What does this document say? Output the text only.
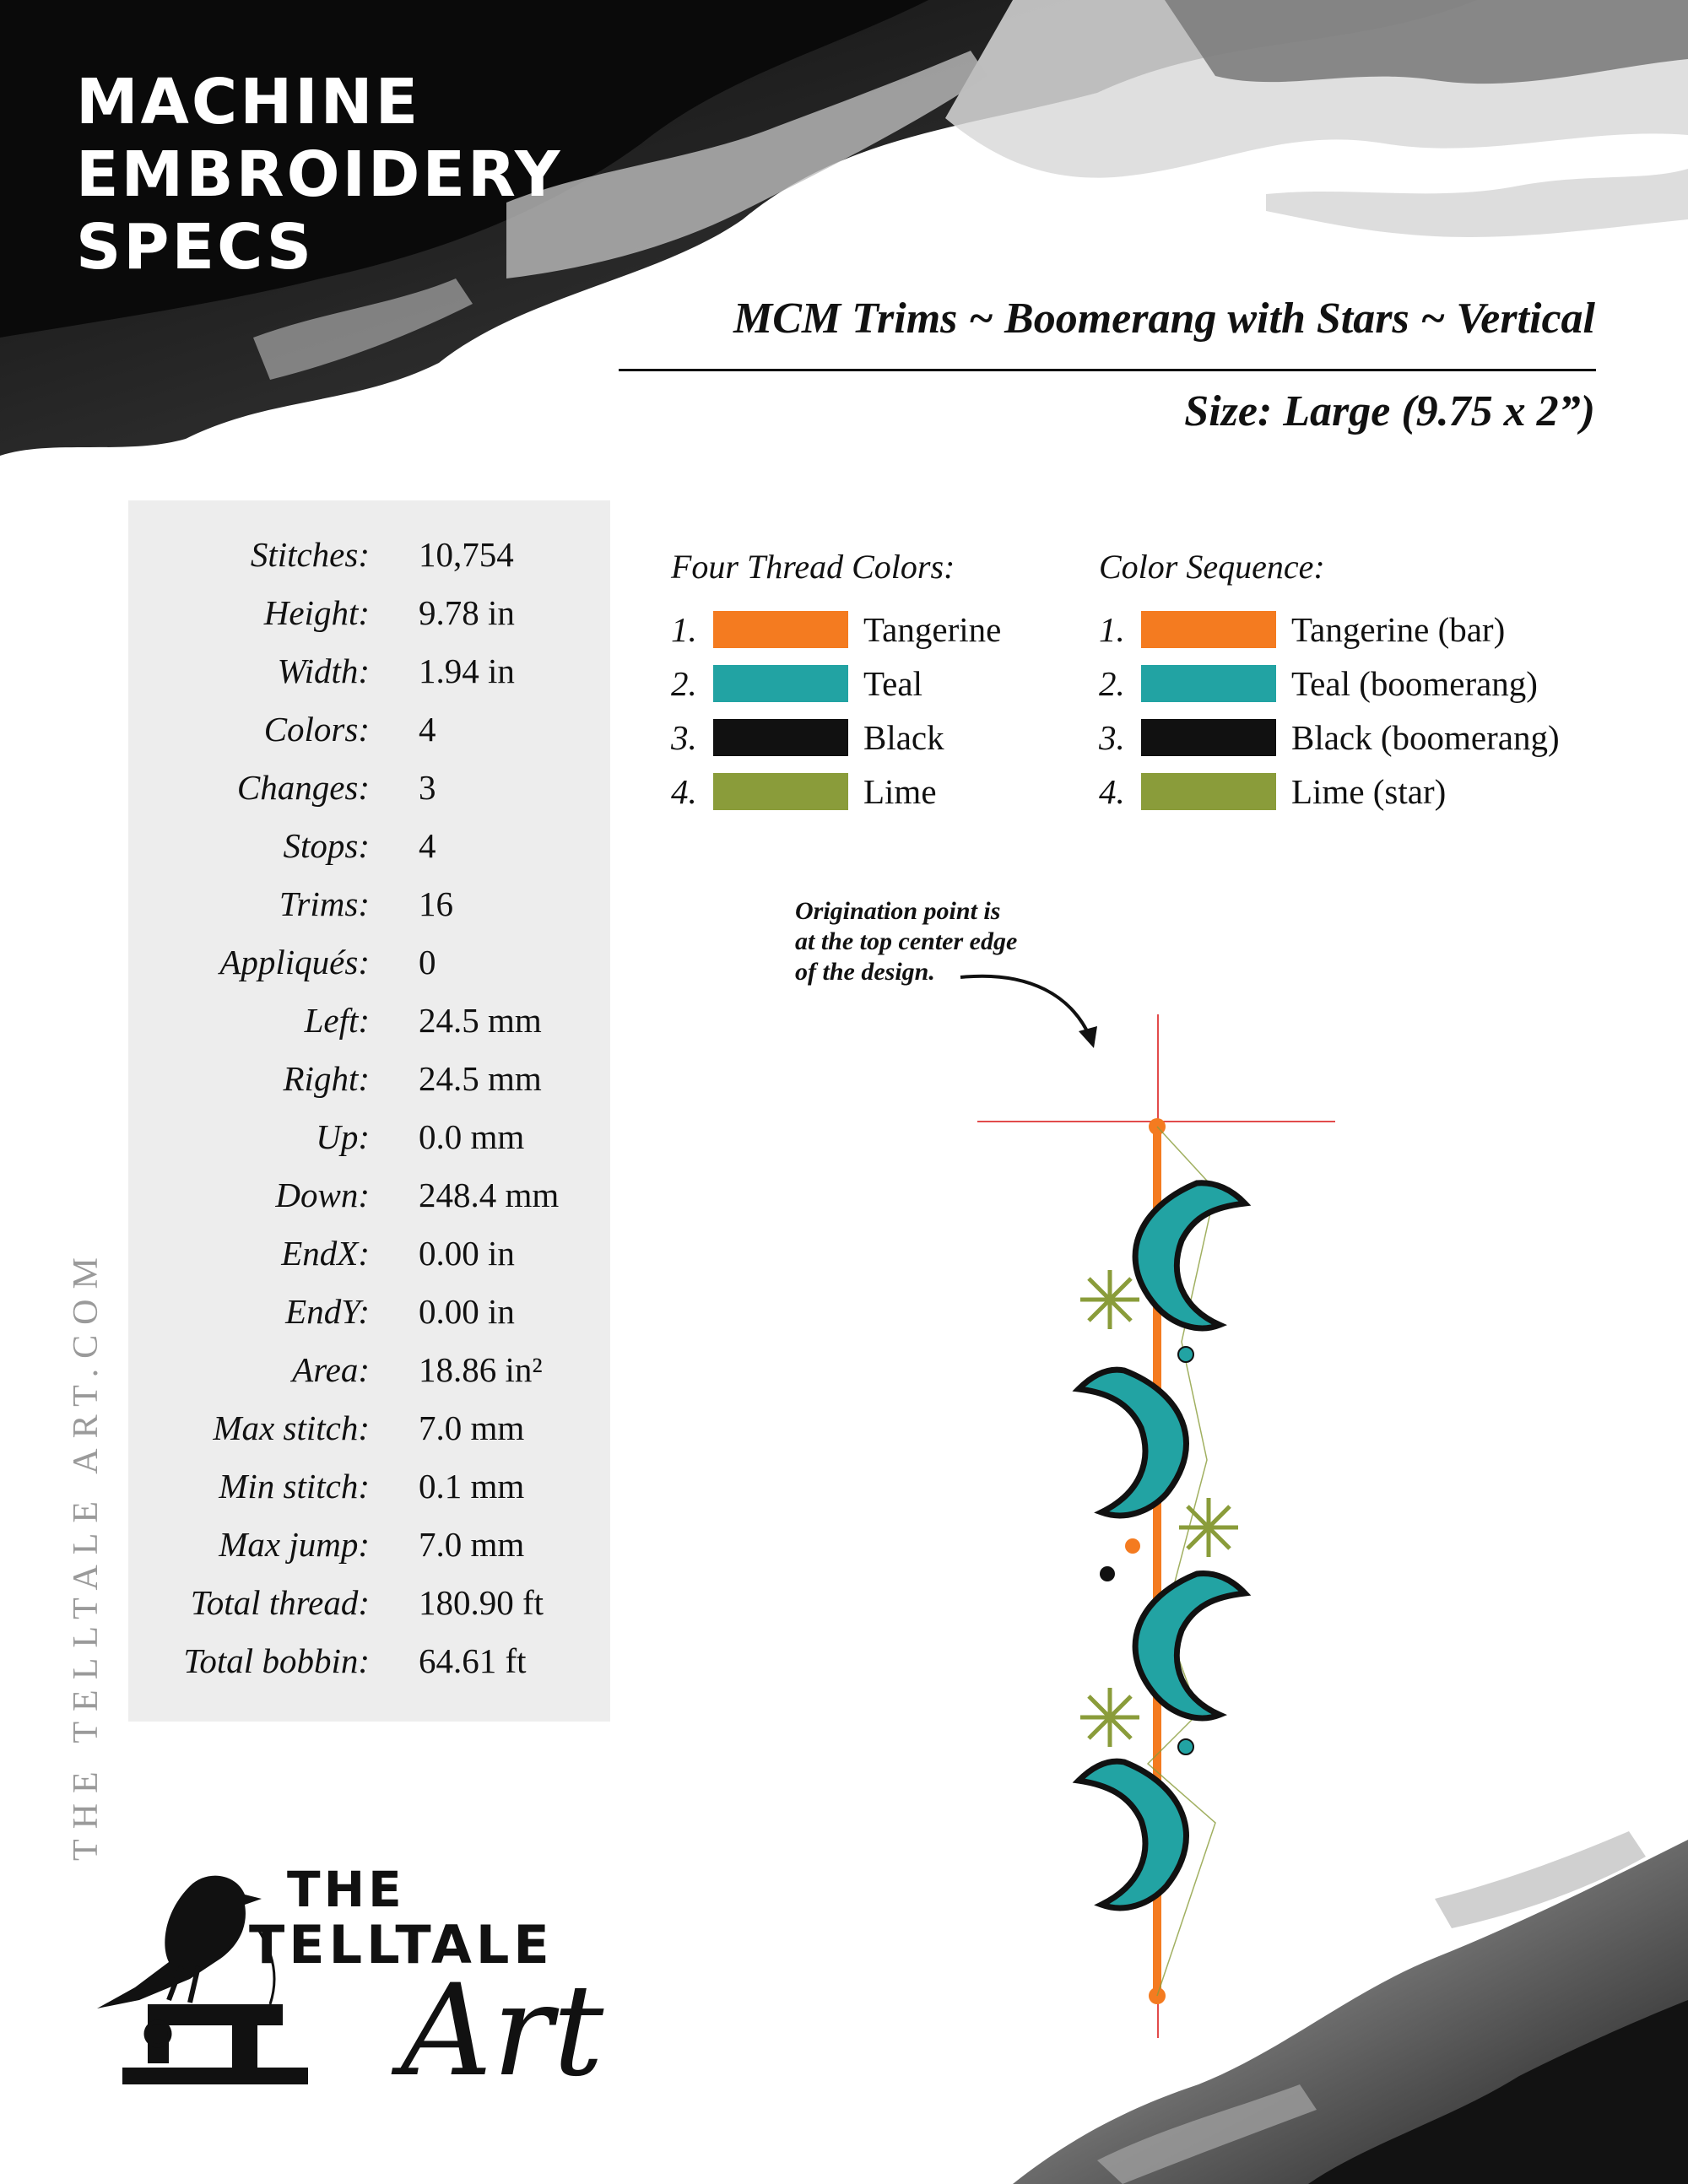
MACHINE
EMBROIDERY
SPECS
MCM Trims ~ Boomerang with Stars ~ Vertical
Size: Large (9.75 x 2”)
Stitches: 10,754
Height: 9.78 in
Width: 1.94 in
Colors: 4
Changes: 3
Stops: 4
Trims: 16
Appliqués: 0
Left: 24.5 mm
Right: 24.5 mm
Up: 0.0 mm
Down: 248.4 mm
EndX: 0.00 in
EndY: 0.00 in
Area: 18.86 in²
Max stitch: 7.0 mm
Min stitch: 0.1 mm
Max jump: 7.0 mm
Total thread: 180.90 ft
Total bobbin: 64.61 ft
Four Thread Colors:
1.	Tangerine
2.	Teal
3.	Black
4.	Lime
Color Sequence:
1.	Tangerine (bar)
2.	Teal (boomerang)
3.	Black (boomerang)
4.	Lime (star)
Origination point is
at the top center edge
of the design.
THE TELLTALE ART.COM
THE
TELLTALE
Art
